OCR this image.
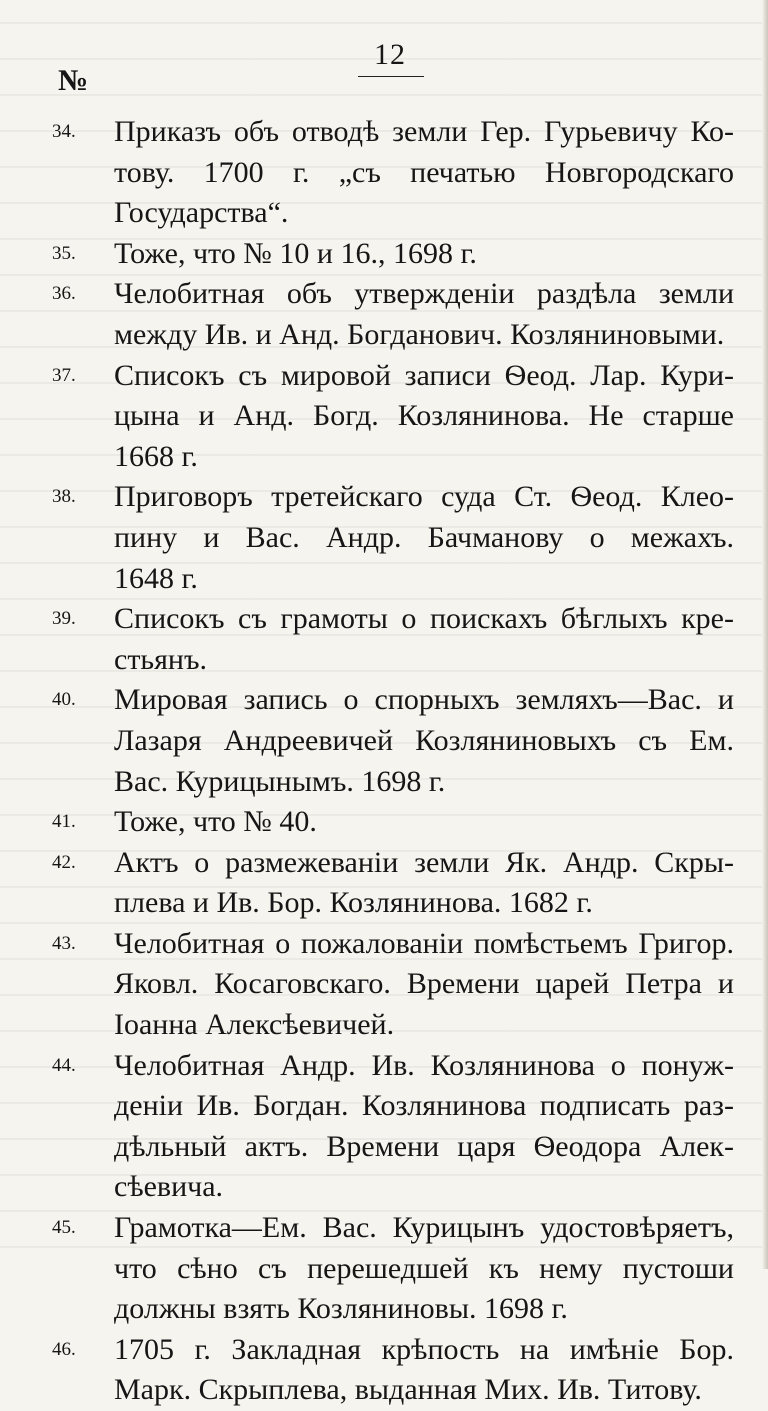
12
№
34.	Приказъ объ отводѣ земли Гер. Гурьевичу Ко-
тову. 1700 г. „съ печатью Новгородскаго
Государства“.
35.	Тоже, что № 10 и 16., 1698 г.
36.	Челобитная объ утвержденіи раздѣла земли
между Ив. и Анд. Богданович. Козляниновыми.
37.	Списокъ съ мировой записи Ѳеод. Лар. Кури-
цына и Анд. Богд. Козлянинова. Не старше
1668 г.
38.	Приговоръ третейскаго суда Ст. Ѳеод. Клео-
пину и Вас. Андр. Бачманову о межахъ.
1648 г.
39.	Списокъ съ грамоты о поискахъ бѣглыхъ кре-
стьянъ.
40.	Мировая запись о спорныхъ земляхъ—Вас. и
Лазаря Андреевичей Козляниновыхъ съ Ем.
Вас. Курицынымъ. 1698 г.
41.	Тоже, что № 40.
42.	Актъ о размежеваніи земли Як. Андр. Скры-
плева и Ив. Бор. Козлянинова. 1682 г.
43.	Челобитная о пожалованіи помѣстьемъ Григор.
Яковл. Косаговскаго. Времени царей Петра и
Іоанна Алексѣевичей.
44.	Челобитная Андр. Ив. Козлянинова о понуж-
деніи Ив. Богдан. Козлянинова подписать раз-
дѣльный актъ. Времени царя Ѳеодора Алек-
сѣевича.
45.	Грамотка—Ем. Вас. Курицынъ удостовѣряетъ,
что сѣно съ перешедшей къ нему пустоши
должны взять Козляниновы. 1698 г.
46.	1705 г. Закладная крѣпость на имѣніе Бор.
Марк. Скрыплева, выданная Мих. Ив. Титову.
